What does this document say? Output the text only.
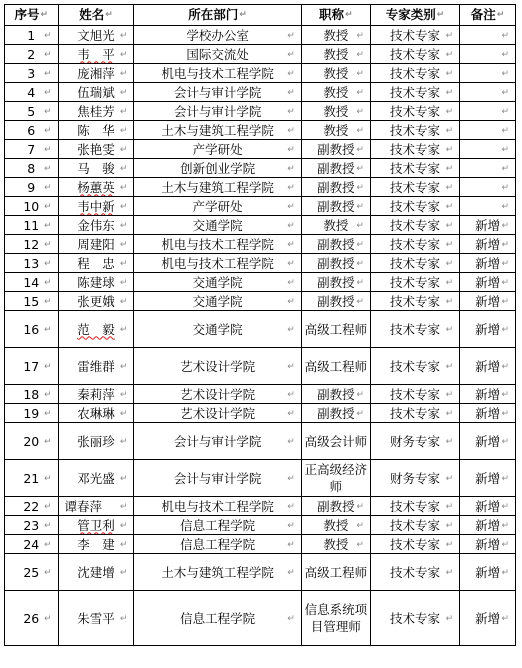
序号↵	姓名↵	所在部门↵	职称↵	专家类别↵	备注↵
1 ↵	文旭光 ↵	学校办公室 ↵	教授 ↵	技术专家 ↵	↵

2 ↵	韦　平 ↵	国际交流处 ↵	教授 ↵	技术专家 ↵	↵

3 ↵	庞湘萍 ↵	机电与技术工程学院 ↵	教授 ↵	技术专家 ↵	↵

4 ↵	伍瑞斌 ↵	会计与审计学院 ↵	教授 ↵	技术专家 ↵	↵

5 ↵	焦桂芳 ↵	会计与审计学院 ↵	教授 ↵	技术专家 ↵	↵

6 ↵	陈　华 ↵	土木与建筑工程学院 ↵	教授 ↵	技术专家 ↵	↵

7 ↵	张艳雯 ↵	产学研处 ↵	副教授 ↵	技术专家 ↵	↵

8 ↵	马　骏 ↵	创新创业学院 ↵	副教授 ↵	技术专家 ↵	↵

9 ↵	杨蕙英 ↵	土木与建筑工程学院 ↵	副教授 ↵	技术专家 ↵	↵

10 ↵	韦中新 ↵	产学研处 ↵	副教授 ↵	技术专家 ↵	↵

11 ↵	金伟东 ↵	交通学院 ↵	教授 ↵	技术专家 ↵	新增 ↵

12 ↵	周建阳 ↵	机电与技术工程学院 ↵	副教授 ↵	技术专家 ↵	新增 ↵

13 ↵	程　忠 ↵	机电与技术工程学院 ↵	副教授 ↵	技术专家 ↵	新增 ↵

14 ↵	陈建球 ↵	交通学院 ↵	副教授 ↵	技术专家 ↵	新增 ↵

15 ↵	张更娥 ↵	交通学院 ↵	副教授 ↵	技术专家 ↵	新增 ↵

16 ↵	范　毅 ↵	交通学院 ↵	高级工程师	技术专家 ↵	新增 ↵

17 ↵	雷维群 ↵	艺术设计学院 ↵	高级工程师	技术专家 ↵	新增 ↵

18 ↵	秦莉萍 ↵	艺术设计学院 ↵	副教授 ↵	技术专家 ↵	新增 ↵

19 ↵	农琳琳 ↵	艺术设计学院 ↵	副教授 ↵	技术专家 ↵	新增 ↵

20 ↵	张丽珍 ↵	会计与审计学院 ↵	高级会计师	财务专家 ↵	新增 ↵

21 ↵	邓光盛 ↵	会计与审计学院 ↵	正高级经济师	财务专家 ↵	新增 ↵

22 ↵	谭春萍 ↵	机电与技术工程学院 ↵	副教授 ↵	技术专家 ↵	新增 ↵

23 ↵	管卫利 ↵	信息工程学院 ↵	教授 ↵	技术专家 ↵	新增 ↵

24 ↵	李　建 ↵	信息工程学院 ↵	教授 ↵	技术专家 ↵	新增 ↵

25 ↵	沈建增 ↵	土木与建筑工程学院 ↵	高级工程师	技术专家 ↵	新增 ↵

26 ↵	朱雪平 ↵	信息工程学院 ↵	信息系统项目管理师	技术专家 ↵	新增 ↵
